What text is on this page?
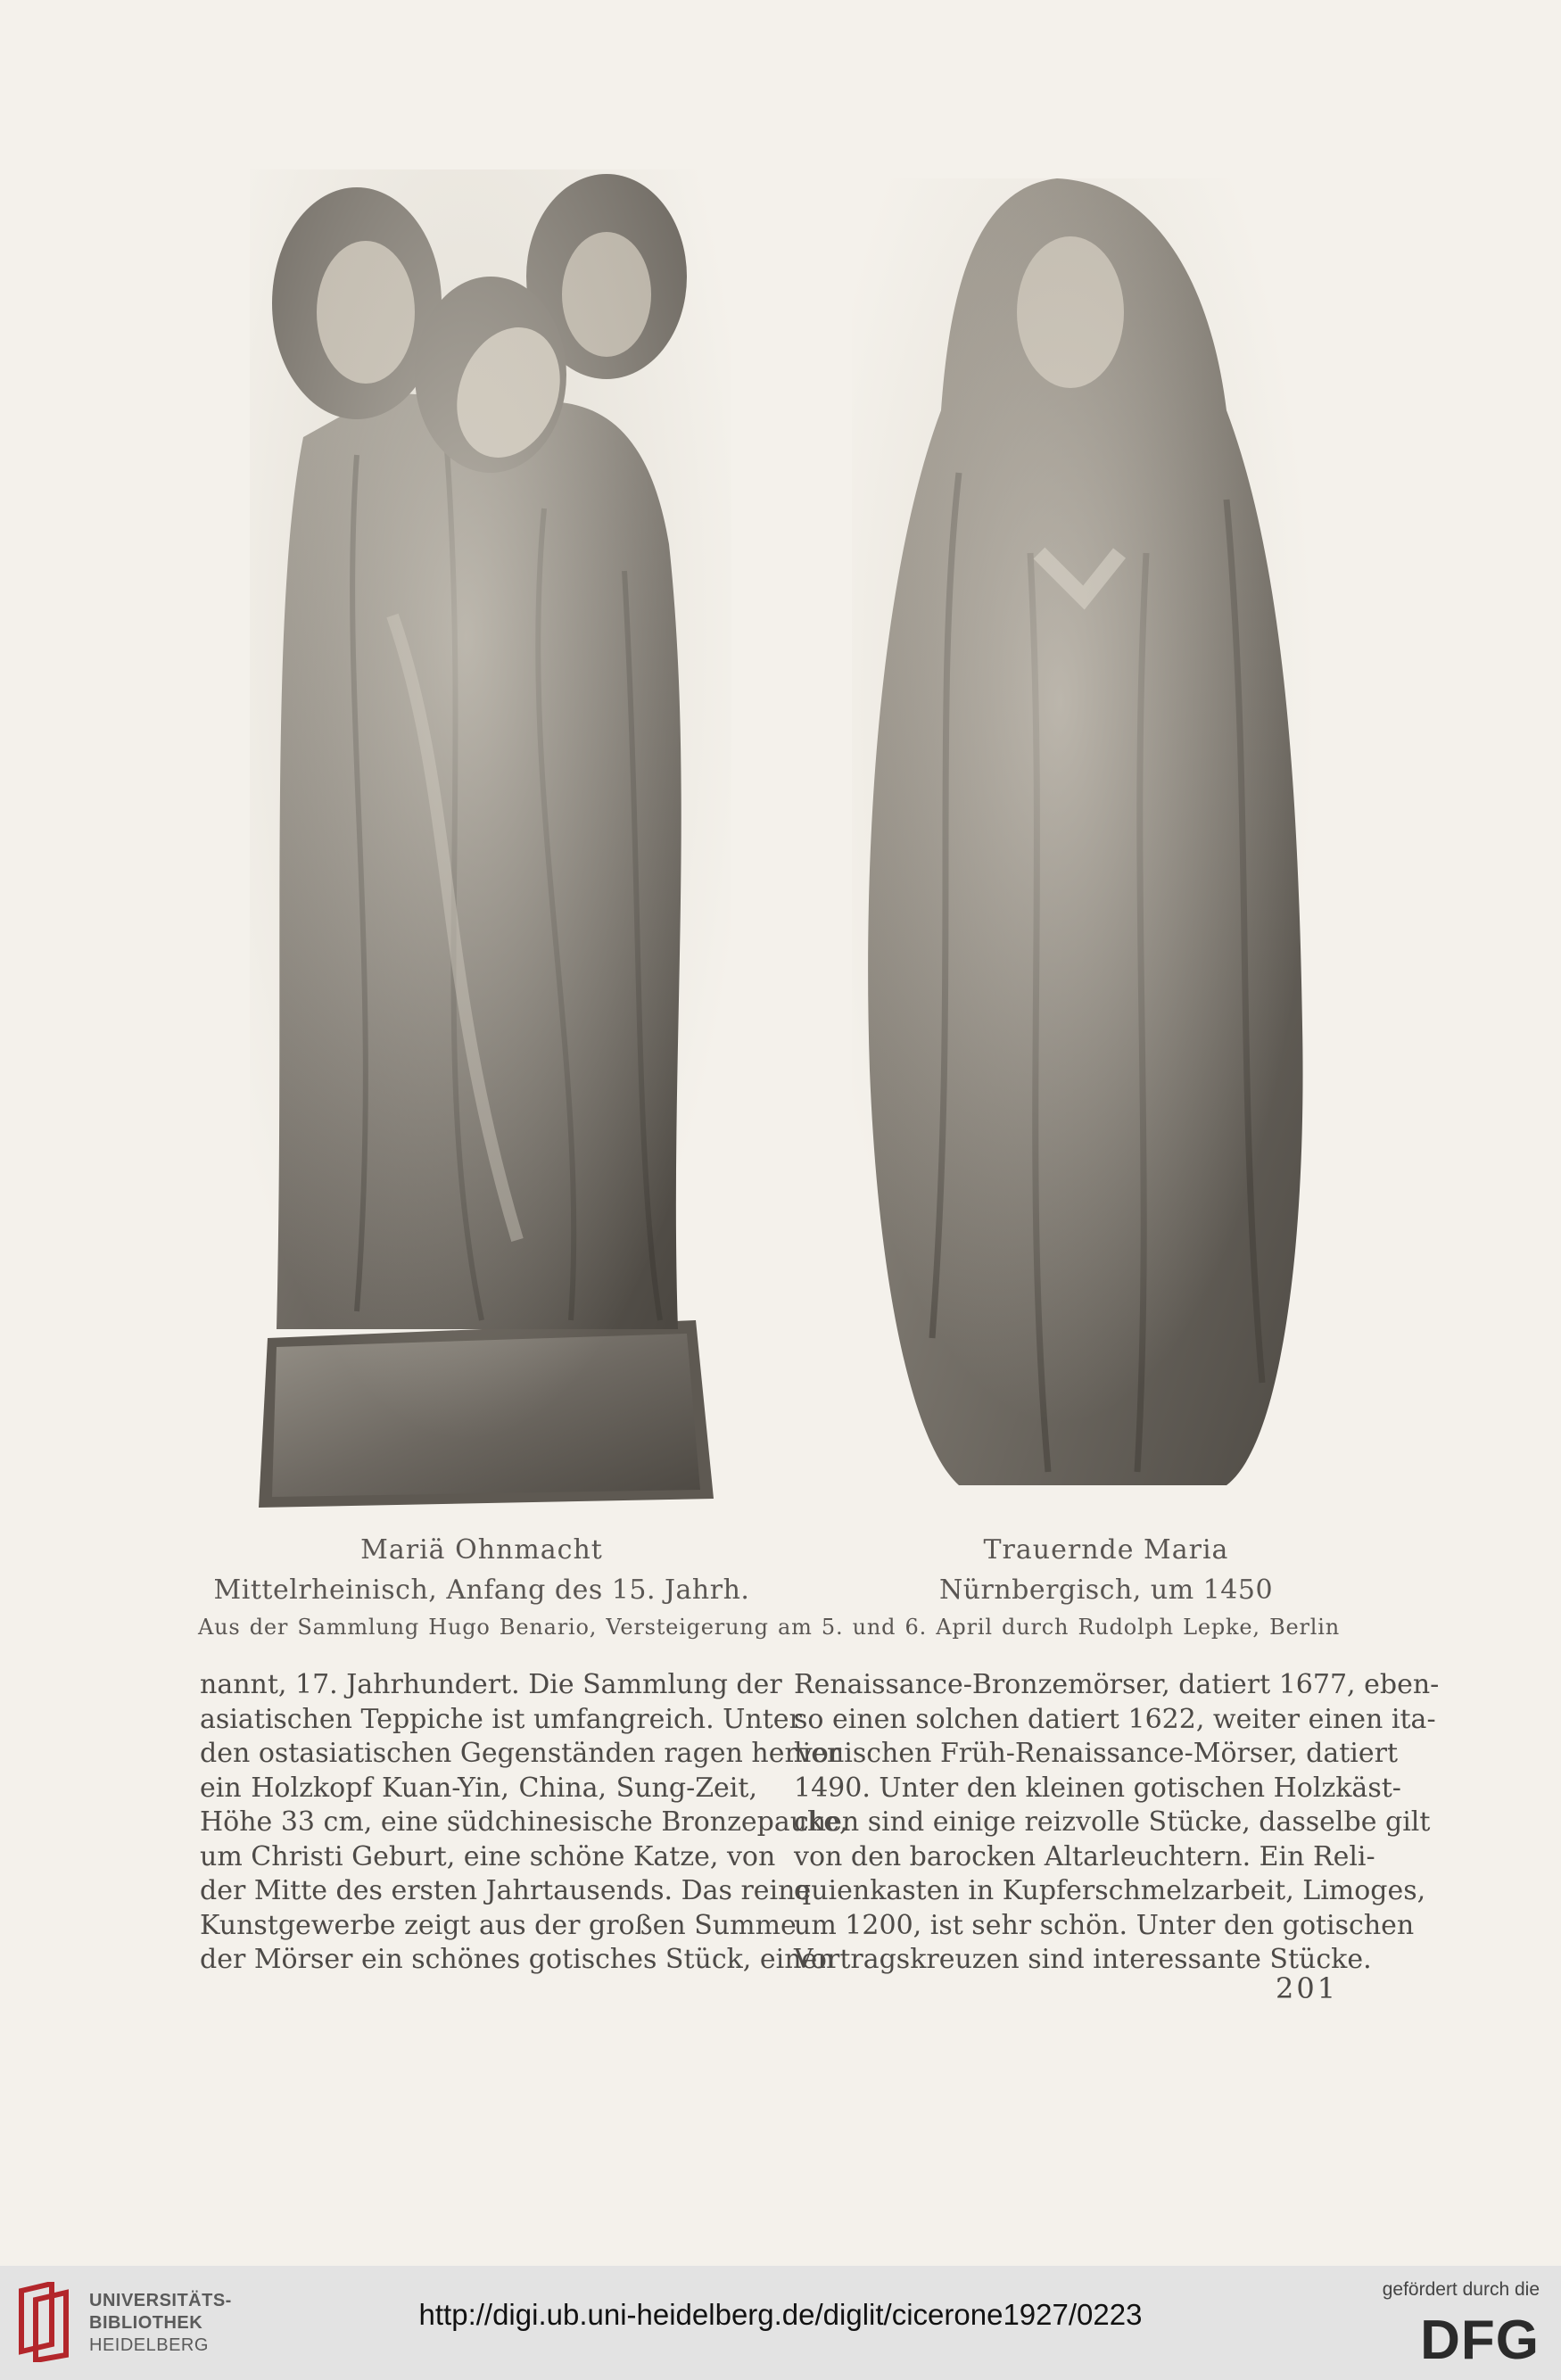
Mariä Ohnmacht
Mittelrheinisch, Anfang des 15. Jahrh.
Trauernde Maria
Nürnbergisch, um 1450
Aus der Sammlung Hugo Benario, Versteigerung am 5. und 6. April durch Rudolph Lepke, Berlin
nannt, 17. Jahrhundert. Die Sammlung der
asiatischen Teppiche ist umfangreich. Unter
den ostasiatischen Gegenständen ragen hervor
ein Holzkopf Kuan-Yin, China, Sung-Zeit,
Höhe 33 cm, eine südchinesische Bronzepauke,
um Christi Geburt, eine schöne Katze, von
der Mitte des ersten Jahrtausends. Das reine
Kunstgewerbe zeigt aus der großen Summe
der Mörser ein schönes gotisches Stück, einen
Renaissance-Bronzemörser, datiert 1677, eben-
so einen solchen datiert 1622, weiter einen ita-
lienischen Früh-Renaissance-Mörser, datiert
1490. Unter den kleinen gotischen Holzkäst-
chen sind einige reizvolle Stücke, dasselbe gilt
von den barocken Altarleuchtern. Ein Reli-
quienkasten in Kupferschmelzarbeit, Limoges,
um 1200, ist sehr schön. Unter den gotischen
Vortragskreuzen sind interessante Stücke.
201
UNIVERSITÄTS-
BIBLIOTHEK
HEIDELBERG
http://digi.ub.uni-heidelberg.de/diglit/cicerone1927/0223
gefördert durch die
DFG
